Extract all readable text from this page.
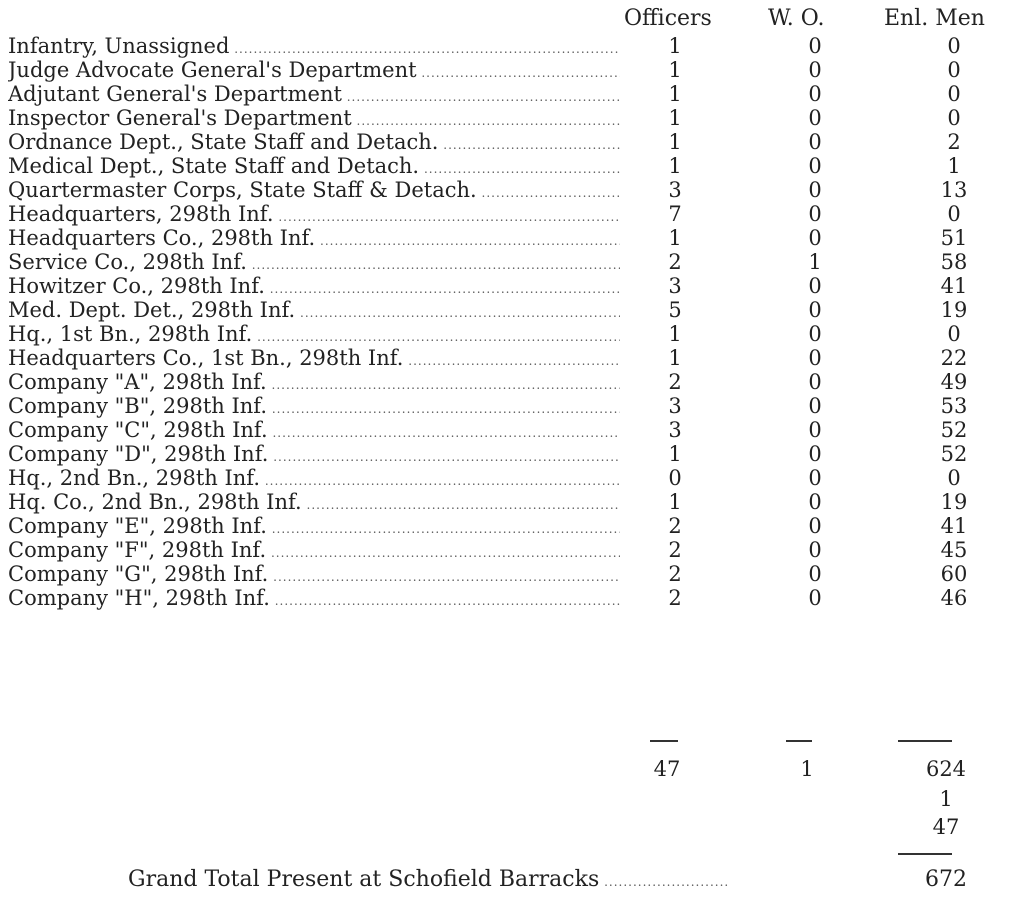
Officers	W. O.	Enl. Men
Infantry, Unassigned .....	1	0	0
Judge Advocate General's Department .....	1	0	0
Adjutant General's Department .....	1	0	0
Inspector General's Department .....	1	0	0
Ordnance Dept., State Staff and Detach. .....	1	0	2
Medical Dept., State Staff and Detach. .....	1	0	1
Quartermaster Corps, State Staff & Detach. .....	3	0	13
Headquarters, 298th Inf. .....	7	0	0
Headquarters Co., 298th Inf. .....	1	0	51
Service Co., 298th Inf. .....	2	1	58
Howitzer Co., 298th Inf. .....	3	0	41
Med. Dept. Det., 298th Inf. .....	5	0	19
Hq., 1st Bn., 298th Inf. .....	1	0	0
Headquarters Co., 1st Bn., 298th Inf. .....	1	0	22
Company "A", 298th Inf. .....	2	0	49
Company "B", 298th Inf. .....	3	0	53
Company "C", 298th Inf. .....	3	0	52
Company "D", 298th Inf. .....	1	0	52
Hq., 2nd Bn., 298th Inf. .....	0	0	0
Hq. Co., 2nd Bn., 298th Inf. .....	1	0	19
Company "E", 298th Inf. .....	2	0	41
Company "F", 298th Inf. .....	2	0	45
Company "G", 298th Inf. .....	2	0	60
Company "H", 298th Inf. .....	2	0	46
47	1	624
1
47
Grand Total Present at Schofield Barracks .....	672
